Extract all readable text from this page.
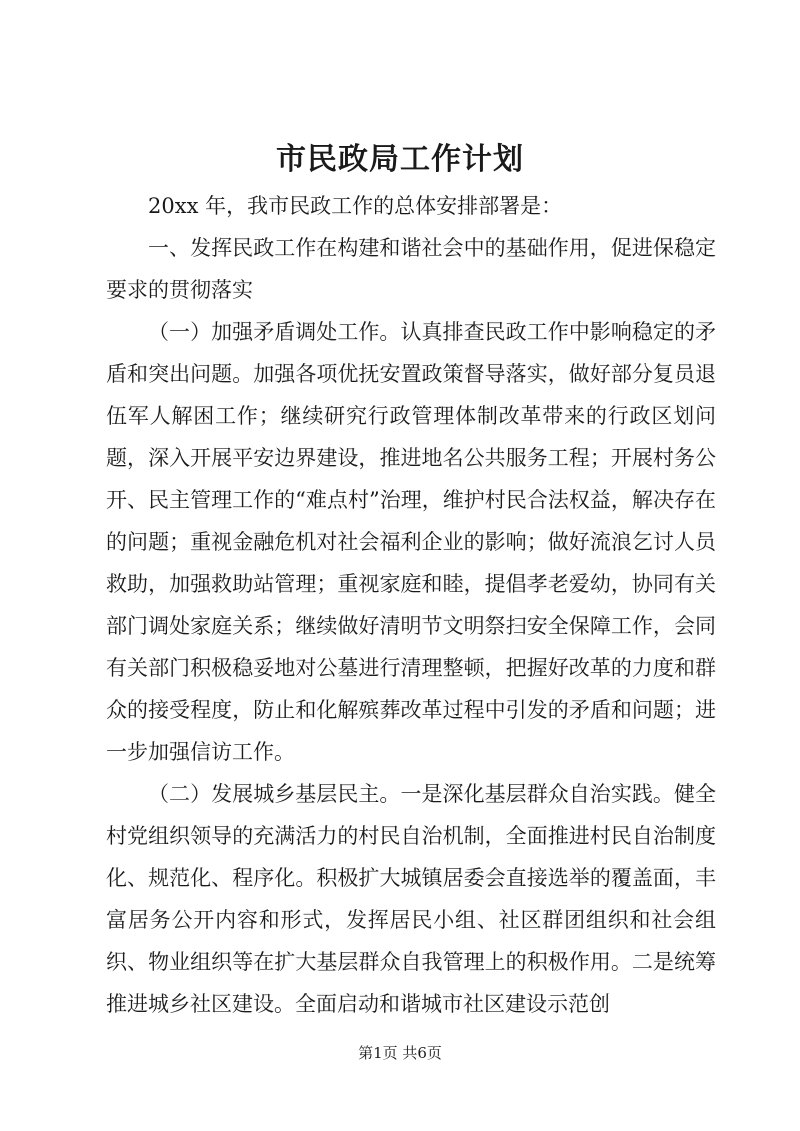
市民政局工作计划

20xx 年，我市民政工作的总体安排部署是：

一、发挥民政工作在构建和谐社会中的基础作用，促进保稳定要求的贯彻落实

（一）加强矛盾调处工作。认真排查民政工作中影响稳定的矛盾和突出问题。加强各项优抚安置政策督导落实，做好部分复员退伍军人解困工作；继续研究行政管理体制改革带来的行政区划问题，深入开展平安边界建设，推进地名公共服务工程；开展村务公开、民主管理工作的“难点村”治理，维护村民合法权益，解决存在的问题；重视金融危机对社会福利企业的影响；做好流浪乞讨人员救助，加强救助站管理；重视家庭和睦，提倡孝老爱幼，协同有关部门调处家庭关系；继续做好清明节文明祭扫安全保障工作，会同有关部门积极稳妥地对公墓进行清理整顿，把握好改革的力度和群众的接受程度，防止和化解殡葬改革过程中引发的矛盾和问题；进一步加强信访工作。

（二）发展城乡基层民主。一是深化基层群众自治实践。健全村党组织领导的充满活力的村民自治机制，全面推进村民自治制度化、规范化、程序化。积极扩大城镇居委会直接选举的覆盖面，丰富居务公开内容和形式，发挥居民小组、社区群团组织和社会组织、物业组织等在扩大基层群众自我管理上的积极作用。二是统筹推进城乡社区建设。全面启动和谐城市社区建设示范创

第1页 共6页
